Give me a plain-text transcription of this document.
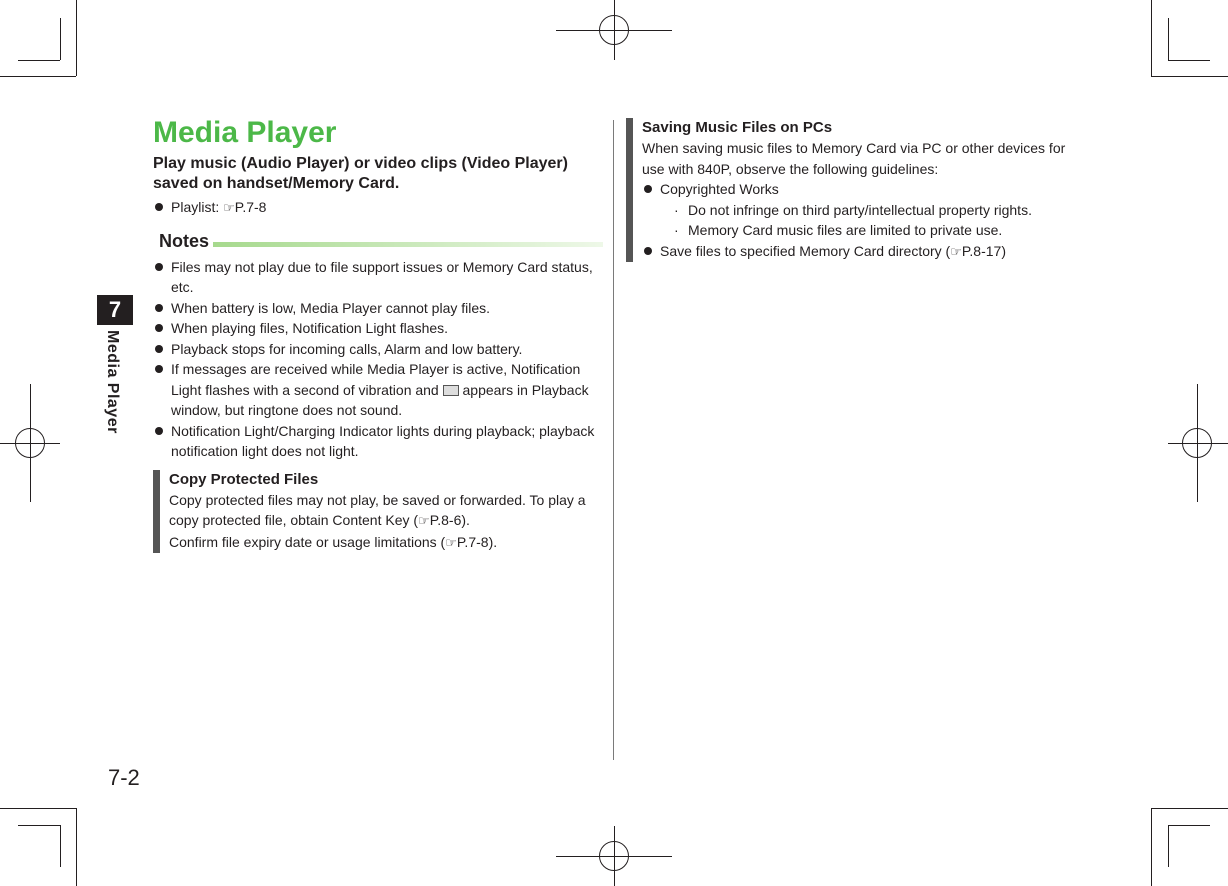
7
Media Player
7-2
Media Player
Play music (Audio Player) or video clips (Video Player) saved on handset/Memory Card.
Playlist: ☞P.7-8
Notes
Files may not play due to file support issues or Memory Card status, etc.
When battery is low, Media Player cannot play files.
When playing files, Notification Light flashes.
Playback stops for incoming calls, Alarm and low battery.
If messages are received while Media Player is active, Notification Light flashes with a second of vibration and  appears in Playback window, but ringtone does not sound.
Notification Light/Charging Indicator lights during playback; playback notification light does not light.
Copy Protected Files
Copy protected files may not play, be saved or forwarded. To play a copy protected file, obtain Content Key (☞P.8-6).
Confirm file expiry date or usage limitations (☞P.7-8).
Saving Music Files on PCs
When saving music files to Memory Card via PC or other devices for use with 840P, observe the following guidelines:
Copyrighted Works
· Do not infringe on third party/intellectual property rights.
· Memory Card music files are limited to private use.
Save files to specified Memory Card directory (☞P.8-17)
